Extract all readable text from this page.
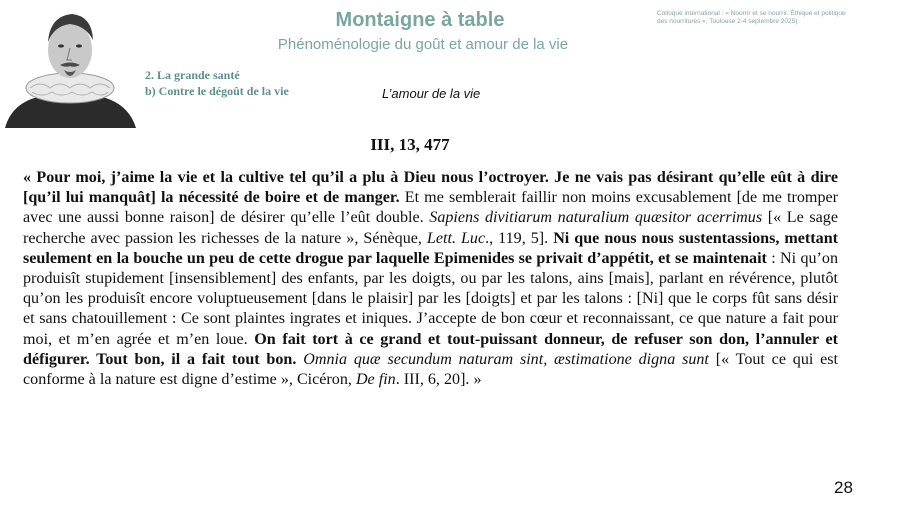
Montaigne à table
Phénoménologie du goût et amour de la vie
Colloque international : « Nourrir et se nourrir. Éthique et politique
des nourritures », Toulouse 2-4 septembre 2025)
2. La grande santé
b) Contre le dégoût de la vie	L’amour de la vie
III, 13, 477

« Pour moi, j’aime la vie et la cultive tel qu’il a plu à Dieu nous l’octroyer. Je ne vais pas désirant qu’elle eût à dire [qu’il lui manquât] la nécessité de boire et de manger. Et me semblerait faillir non moins excusablement [de me tromper avec une aussi bonne raison] de désirer qu’elle l’eût double. Sapiens divitiarum naturalium quæsitor acerrimus [« Le sage recherche avec passion les richesses de la nature », Sénèque, Lett. Luc., 119, 5]. Ni que nous nous sustentassions, mettant seulement en la bouche un peu de cette drogue par laquelle Epimenides se privait d’appétit, et se maintenait : Ni qu’on produisît stupidement [insensiblement] des enfants, par les doigts, ou par les talons, ains [mais], parlant en révérence, plutôt qu’on les produisît encore voluptueusement [dans le plaisir] par les [doigts] et par les talons : [Ni] que le corps fût sans désir et sans chatouillement : Ce sont plaintes ingrates et iniques. J’accepte de bon cœur et reconnaissant, ce que nature a fait pour moi, et m’en agrée et m’en loue. On fait tort à ce grand et tout-puissant donneur, de refuser son don, l’annuler et défigurer. Tout bon, il a fait tout bon. Omnia quæ secundum naturam sint, æstimatione digna sunt [« Tout ce qui est conforme à la nature est digne d’estime », Cicéron, De fin. III, 6, 20]. »

28
